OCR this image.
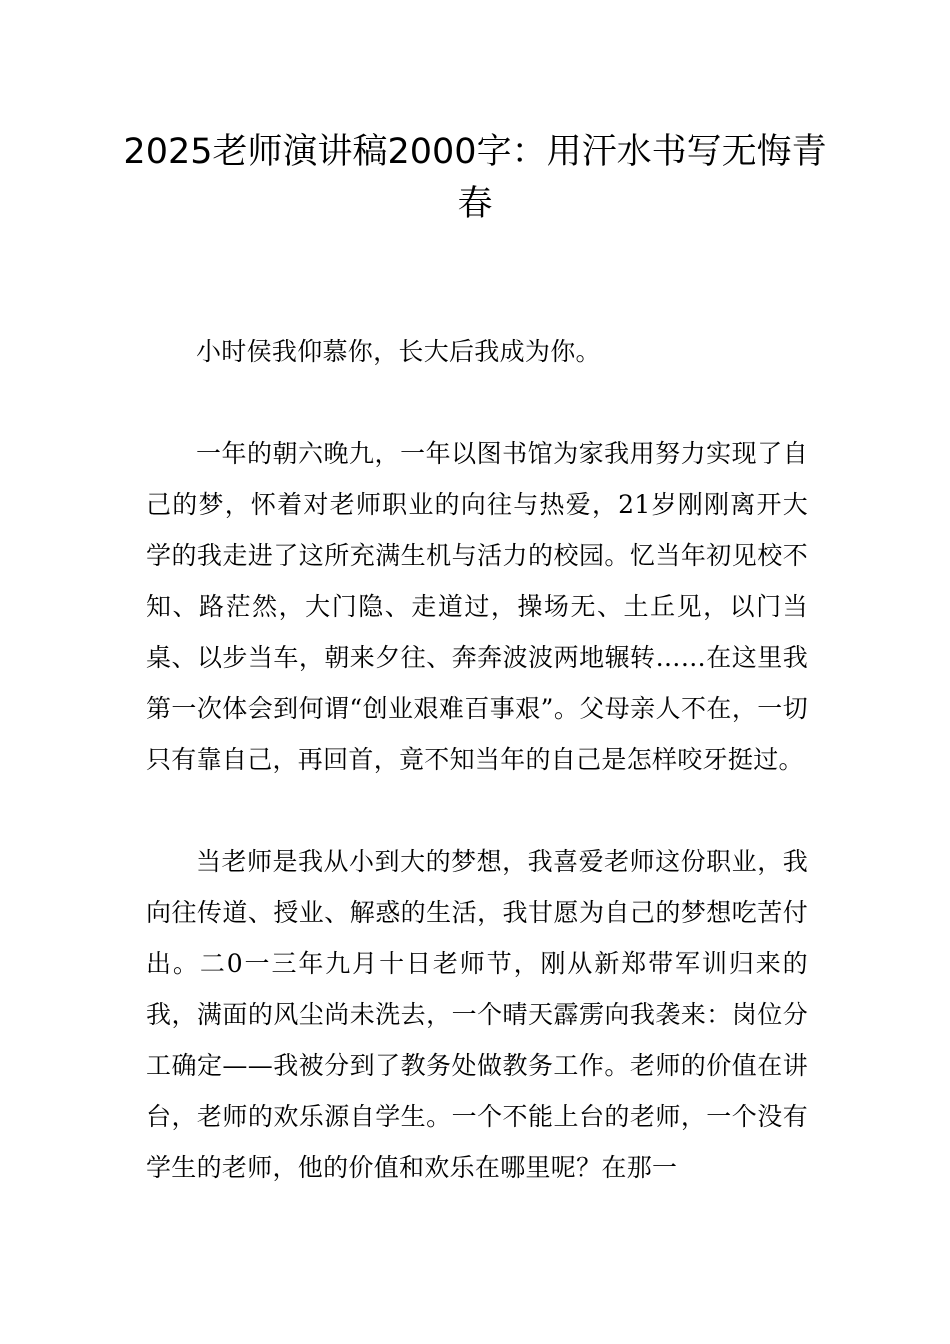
2025老师演讲稿2000字：用汗水书写无悔青春

小时侯我仰慕你，长大后我成为你。

一年的朝六晚九，一年以图书馆为家我用努力实现了自己的梦，怀着对老师职业的向往与热爱，21岁刚刚离开大学的我走进了这所充满生机与活力的校园。忆当年初见校不知、路茫然，大门隐、走道过，操场无、土丘见，以门当桌、以步当车，朝来夕往、奔奔波波两地辗转……在这里我第一次体会到何谓“创业艰难百事艰”。父母亲人不在，一切只有靠自己，再回首，竟不知当年的自己是怎样咬牙挺过。

当老师是我从小到大的梦想，我喜爱老师这份职业，我向往传道、授业、解惑的生活，我甘愿为自己的梦想吃苦付出。二0一三年九月十日老师节，刚从新郑带军训归来的我，满面的风尘尚未洗去，一个晴天霹雳向我袭来：岗位分工确定——我被分到了教务处做教务工作。老师的价值在讲台，老师的欢乐源自学生。一个不能上台的老师，一个没有学生的老师，他的价值和欢乐在哪里呢？在那一
